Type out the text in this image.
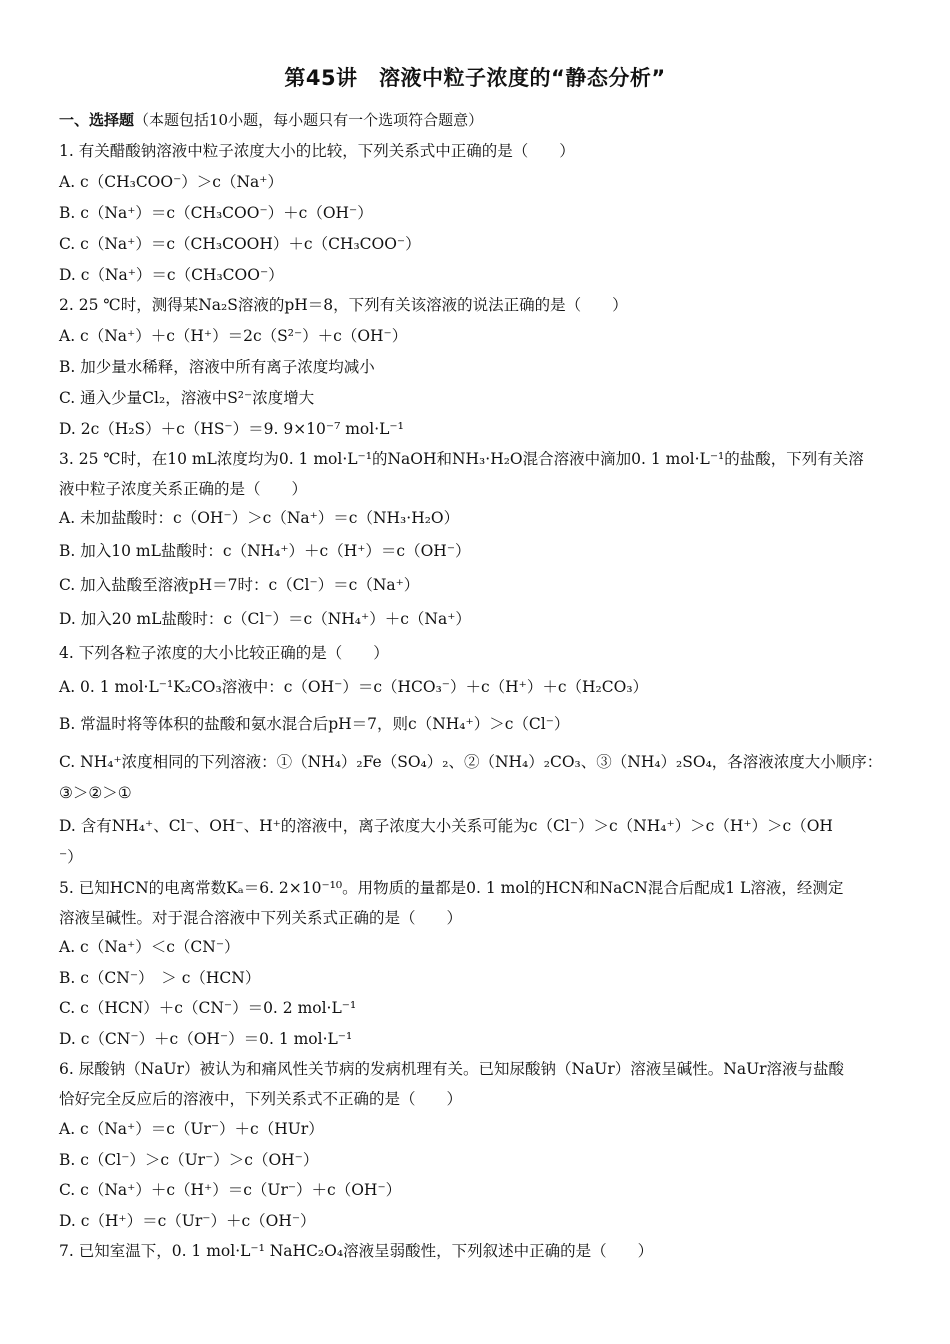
第45讲　溶液中粒子浓度的“静态分析”
一、选择题（本题包括10小题，每小题只有一个选项符合题意）
1. 有关醋酸钠溶液中粒子浓度大小的比较，下列关系式中正确的是（　　）
A. c（CH₃COO⁻）＞c（Na⁺）
B. c（Na⁺）＝c（CH₃COO⁻）＋c（OH⁻）
C. c（Na⁺）＝c（CH₃COOH）＋c（CH₃COO⁻）
D. c（Na⁺）＝c（CH₃COO⁻）
2. 25 ℃时，测得某Na₂S溶液的pH＝8，下列有关该溶液的说法正确的是（　　）
A. c（Na⁺）＋c（H⁺）＝2c（S²⁻）＋c（OH⁻）
B. 加少量水稀释，溶液中所有离子浓度均减小
C. 通入少量Cl₂，溶液中S²⁻浓度增大
D. 2c（H₂S）＋c（HS⁻）＝9. 9×10⁻⁷ mol·L⁻¹
3. 25 ℃时，在10 mL浓度均为0. 1 mol·L⁻¹的NaOH和NH₃·H₂O混合溶液中滴加0. 1 mol·L⁻¹的盐酸，下列有关溶
液中粒子浓度关系正确的是（　　）
A. 未加盐酸时：c（OH⁻）＞c（Na⁺）＝c（NH₃·H₂O）
B. 加入10 mL盐酸时：c（NH₄⁺）＋c（H⁺）＝c（OH⁻）
C. 加入盐酸至溶液pH＝7时：c（Cl⁻）＝c（Na⁺）
D. 加入20 mL盐酸时：c（Cl⁻）＝c（NH₄⁺）＋c（Na⁺）
4. 下列各粒子浓度的大小比较正确的是（　　）
A. 0. 1 mol·L⁻¹K₂CO₃溶液中：c（OH⁻）＝c（HCO₃⁻）＋c（H⁺）＋c（H₂CO₃）
B. 常温时将等体积的盐酸和氨水混合后pH＝7，则c（NH₄⁺）＞c（Cl⁻）
C. NH₄⁺浓度相同的下列溶液：①（NH₄）₂Fe（SO₄）₂、②（NH₄）₂CO₃、③（NH₄）₂SO₄，各溶液浓度大小顺序：
③＞②＞①
D. 含有NH₄⁺、Cl⁻、OH⁻、H⁺的溶液中，离子浓度大小关系可能为c（Cl⁻）＞c（NH₄⁺）＞c（H⁺）＞c（OH
⁻）
5. 已知HCN的电离常数Kₐ＝6. 2×10⁻¹⁰。用物质的量都是0. 1 mol的HCN和NaCN混合后配成1 L溶液，经测定
溶液呈碱性。对于混合溶液中下列关系式正确的是（　　）
A. c（Na⁺）＜c（CN⁻）
B. c（CN⁻）　＞ c（HCN）
C. c（HCN）＋c（CN⁻）＝0. 2 mol·L⁻¹
D. c（CN⁻）＋c（OH⁻）＝0. 1 mol·L⁻¹
6. 尿酸钠（NaUr）被认为和痛风性关节病的发病机理有关。已知尿酸钠（NaUr）溶液呈碱性。NaUr溶液与盐酸
恰好完全反应后的溶液中，下列关系式不正确的是（　　）
A. c（Na⁺）＝c（Ur⁻）＋c（HUr）
B. c（Cl⁻）＞c（Ur⁻）＞c（OH⁻）
C. c（Na⁺）＋c（H⁺）＝c（Ur⁻）＋c（OH⁻）
D. c（H⁺）＝c（Ur⁻）＋c（OH⁻）
7. 已知室温下，0. 1 mol·L⁻¹ NaHC₂O₄溶液呈弱酸性，下列叙述中正确的是（　　）
